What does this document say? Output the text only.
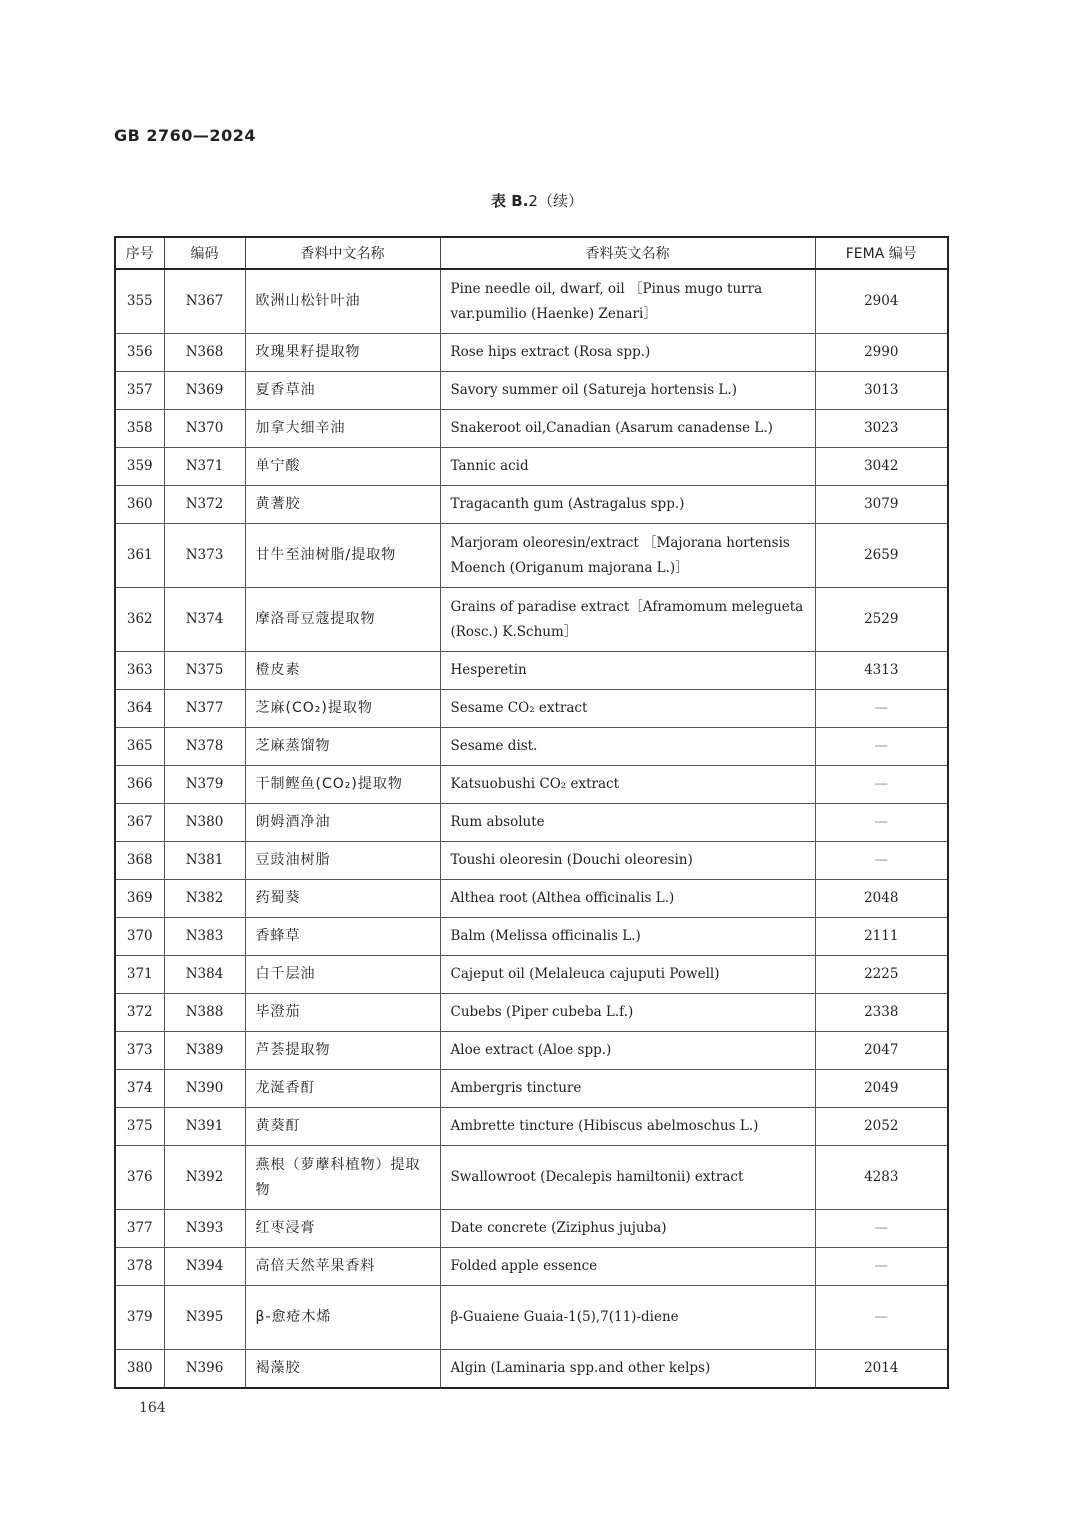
GB 2760—2024
表 B.2（续）
序号	编码	香料中文名称	香料英文名称	FEMA 编号
355	N367	欧洲山松针叶油	Pine needle oil, dwarf, oil ［Pinus mugo turra var.pumilio (Haenke) Zenari］	2904
356	N368	玫瑰果籽提取物	Rose hips extract (Rosa spp.)	2990
357	N369	夏香草油	Savory summer oil (Satureja hortensis L.)	3013
358	N370	加拿大细辛油	Snakeroot oil,Canadian (Asarum canadense L.)	3023
359	N371	单宁酸	Tannic acid	3042
360	N372	黄蓍胶	Tragacanth gum (Astragalus spp.)	3079
361	N373	甘牛至油树脂/提取物	Marjoram oleoresin/extract ［Majorana hortensis Moench (Origanum majorana L.)］	2659
362	N374	摩洛哥豆蔻提取物	Grains of paradise extract［Aframomum melegueta (Rosc.) K.Schum］	2529
363	N375	橙皮素	Hesperetin	4313
364	N377	芝麻(CO₂)提取物	Sesame CO₂ extract	—
365	N378	芝麻蒸馏物	Sesame dist.	—
366	N379	干制鲣鱼(CO₂)提取物	Katsuobushi CO₂ extract	—
367	N380	朗姆酒净油	Rum absolute	—
368	N381	豆豉油树脂	Toushi oleoresin (Douchi oleoresin)	—
369	N382	药蜀葵	Althea root (Althea officinalis L.)	2048
370	N383	香蜂草	Balm (Melissa officinalis L.)	2111
371	N384	白千层油	Cajeput oil (Melaleuca cajuputi Powell)	2225
372	N388	毕澄茄	Cubebs (Piper cubeba L.f.)	2338
373	N389	芦荟提取物	Aloe extract (Aloe spp.)	2047
374	N390	龙涎香酊	Ambergris tincture	2049
375	N391	黄葵酊	Ambrette tincture (Hibiscus abelmoschus L.)	2052
376	N392	燕根（萝藦科植物）提取物	Swallowroot (Decalepis hamiltonii) extract	4283
377	N393	红枣浸膏	Date concrete (Ziziphus jujuba)	—
378	N394	高倍天然苹果香料	Folded apple essence	—
379	N395	β-愈疮木烯	β-Guaiene Guaia-1(5),7(11)-diene	—
380	N396	褐藻胶	Algin (Laminaria spp.and other kelps)	2014
164
